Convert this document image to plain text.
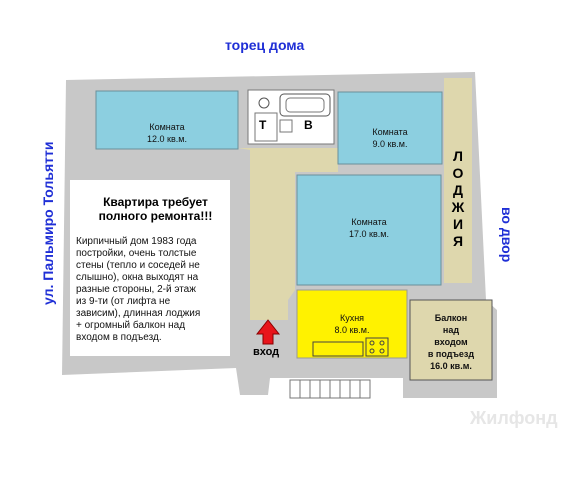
торец дома
ул. Пальмиро Тольятти	во двор
Комната
12.0 кв.м.
Комната
9.0 кв.м.
Комната
17.0 кв.м.
Кухня
8.0 кв.м.
Балкон
над
входом
в подъезд
16.0 кв.м.
Т	В
Л
О
Д
Ж
И
Я
Квартира требует
полного ремонта!!!
Кирпичный дом 1983 года
постройки, очень толстые
стены (тепло и соседей не
слышно), окна выходят на
разные стороны, 2-й этаж
из 9-ти (от лифта не
зависим), длинная лоджия
+ огромный балкон над
входом в подъезд.
вход
Жилфонд
